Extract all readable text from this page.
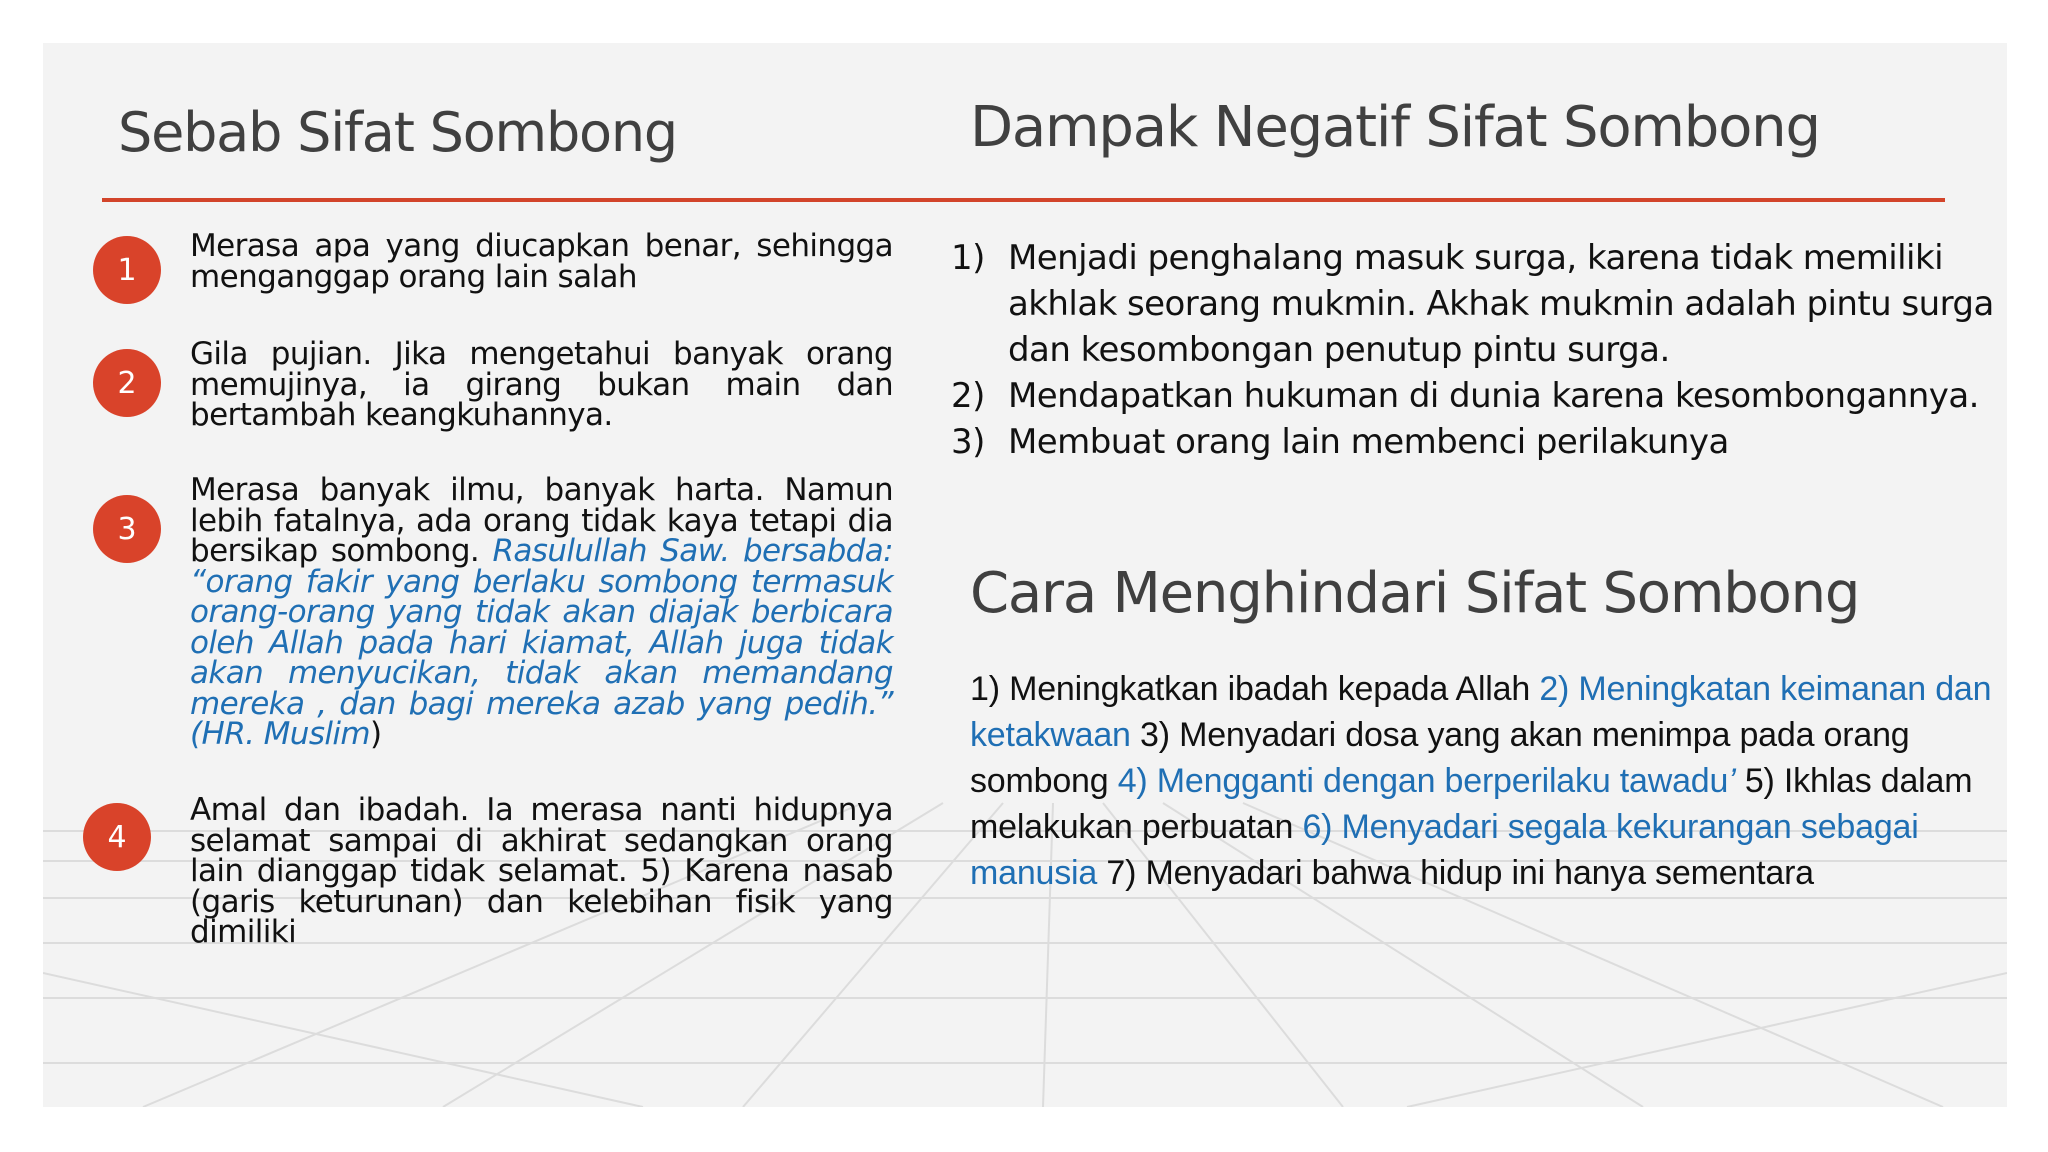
Sebab Sifat Sombong	Dampak Negatif Sifat Sombong
1
Merasa apa yang diucapkan benar, sehingga menganggap orang lain salah
2
Gila pujian. Jika mengetahui banyak orang memujinya, ia girang bukan main dan bertambah keangkuhannya.
3
Merasa banyak ilmu, banyak harta. Namun lebih fatalnya, ada orang tidak kaya tetapi dia bersikap sombong. Rasulullah Saw. bersabda: “orang fakir yang berlaku sombong termasuk orang-orang yang tidak akan diajak berbicara oleh Allah pada hari kiamat, Allah juga tidak akan menyucikan, tidak akan memandang mereka , dan bagi mereka azab yang pedih.” (HR. Muslim)
4
Amal dan ibadah. Ia merasa nanti hidupnya selamat sampai di akhirat sedangkan orang lain dianggap tidak selamat. 5) Karena nasab (garis keturunan) dan kelebihan fisik yang dimiliki
1) Menjadi penghalang masuk surga, karena tidak memiliki akhlak seorang mukmin. Akhak mukmin adalah pintu surga dan kesombongan penutup pintu surga.
2) Mendapatkan hukuman di dunia karena kesombongannya.
3) Membuat orang lain membenci perilakunya
Cara Menghindari Sifat Sombong
1) Meningkatkan ibadah kepada Allah 2) Meningkatan keimanan dan ketakwaan 3) Menyadari dosa yang akan menimpa pada orang sombong 4) Mengganti dengan berperilaku tawadu’ 5) Ikhlas dalam melakukan perbuatan 6) Menyadari segala kekurangan sebagai manusia 7) Menyadari bahwa hidup ini hanya sementara
